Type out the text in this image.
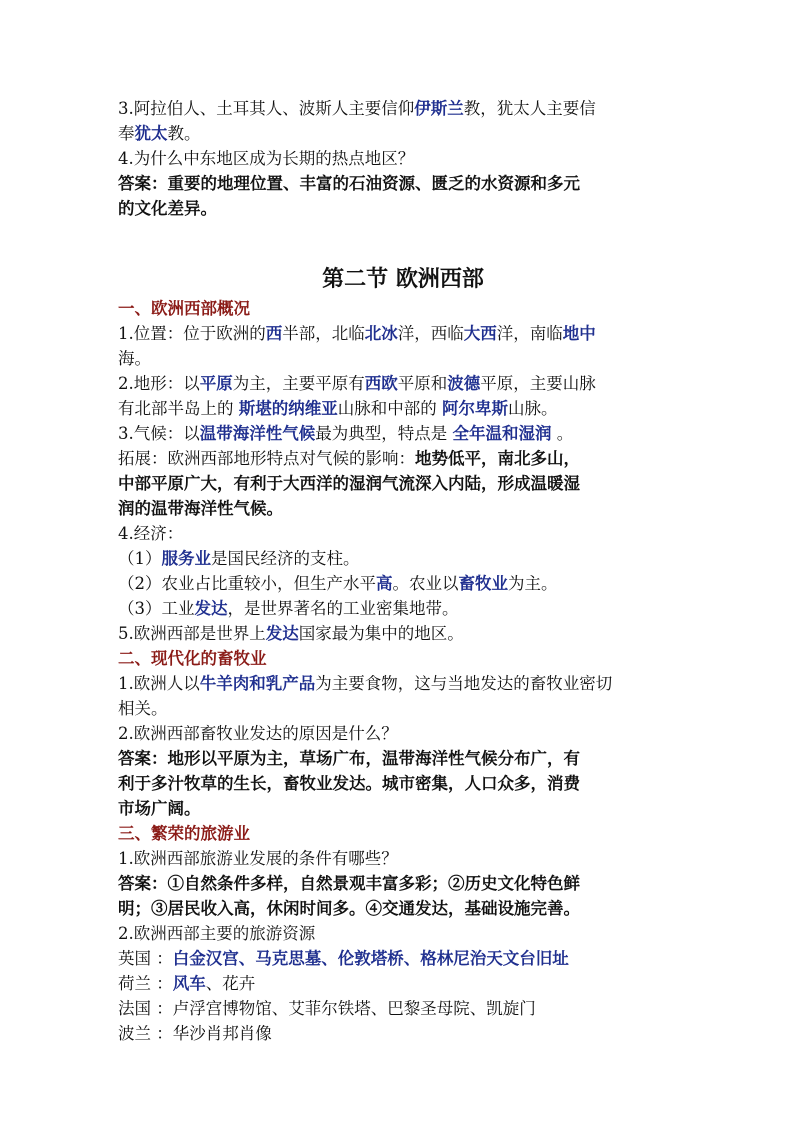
3.阿拉伯人、土耳其人、波斯人主要信仰伊斯兰教，犹太人主要信

奉犹太教。

4.为什么中东地区成为长期的热点地区？

答案：重要的地理位置、丰富的石油资源、匮乏的水资源和多元

的文化差异。

第二节 欧洲西部

一、欧洲西部概况

1.位置：位于欧洲的西半部，北临北冰洋，西临大西洋，南临地中

海。

2.地形：以平原为主，主要平原有西欧平原和波德平原，主要山脉

有北部半岛上的 斯堪的纳维亚山脉和中部的 阿尔卑斯山脉。

3.气候：以温带海洋性气候最为典型，特点是 全年温和湿润 。

拓展：欧洲西部地形特点对气候的影响：地势低平，南北多山，

中部平原广大，有利于大西洋的湿润气流深入内陆，形成温暖湿

润的温带海洋性气候。

4.经济：

（1）服务业是国民经济的支柱。

（2）农业占比重较小，但生产水平高。农业以畜牧业为主。

（3）工业发达，是世界著名的工业密集地带。

5.欧洲西部是世界上发达国家最为集中的地区。

二、现代化的畜牧业

1.欧洲人以牛羊肉和乳产品为主要食物，这与当地发达的畜牧业密切

相关。

2.欧洲西部畜牧业发达的原因是什么？

答案：地形以平原为主，草场广布，温带海洋性气候分布广，有

利于多汁牧草的生长，畜牧业发达。城市密集，人口众多，消费

市场广阔。

三、繁荣的旅游业

1.欧洲西部旅游业发展的条件有哪些？

答案：①自然条件多样，自然景观丰富多彩；②历史文化特色鲜

明；③居民收入高，休闲时间多。④交通发达，基础设施完善。

2.欧洲西部主要的旅游资源

英国 ：白金汉宫、马克思墓、伦敦塔桥、格林尼治天文台旧址

荷兰 ：风车、花卉

法国 ：卢浮宫博物馆、艾菲尔铁塔、巴黎圣母院、凯旋门

波兰 ：华沙肖邦肖像
